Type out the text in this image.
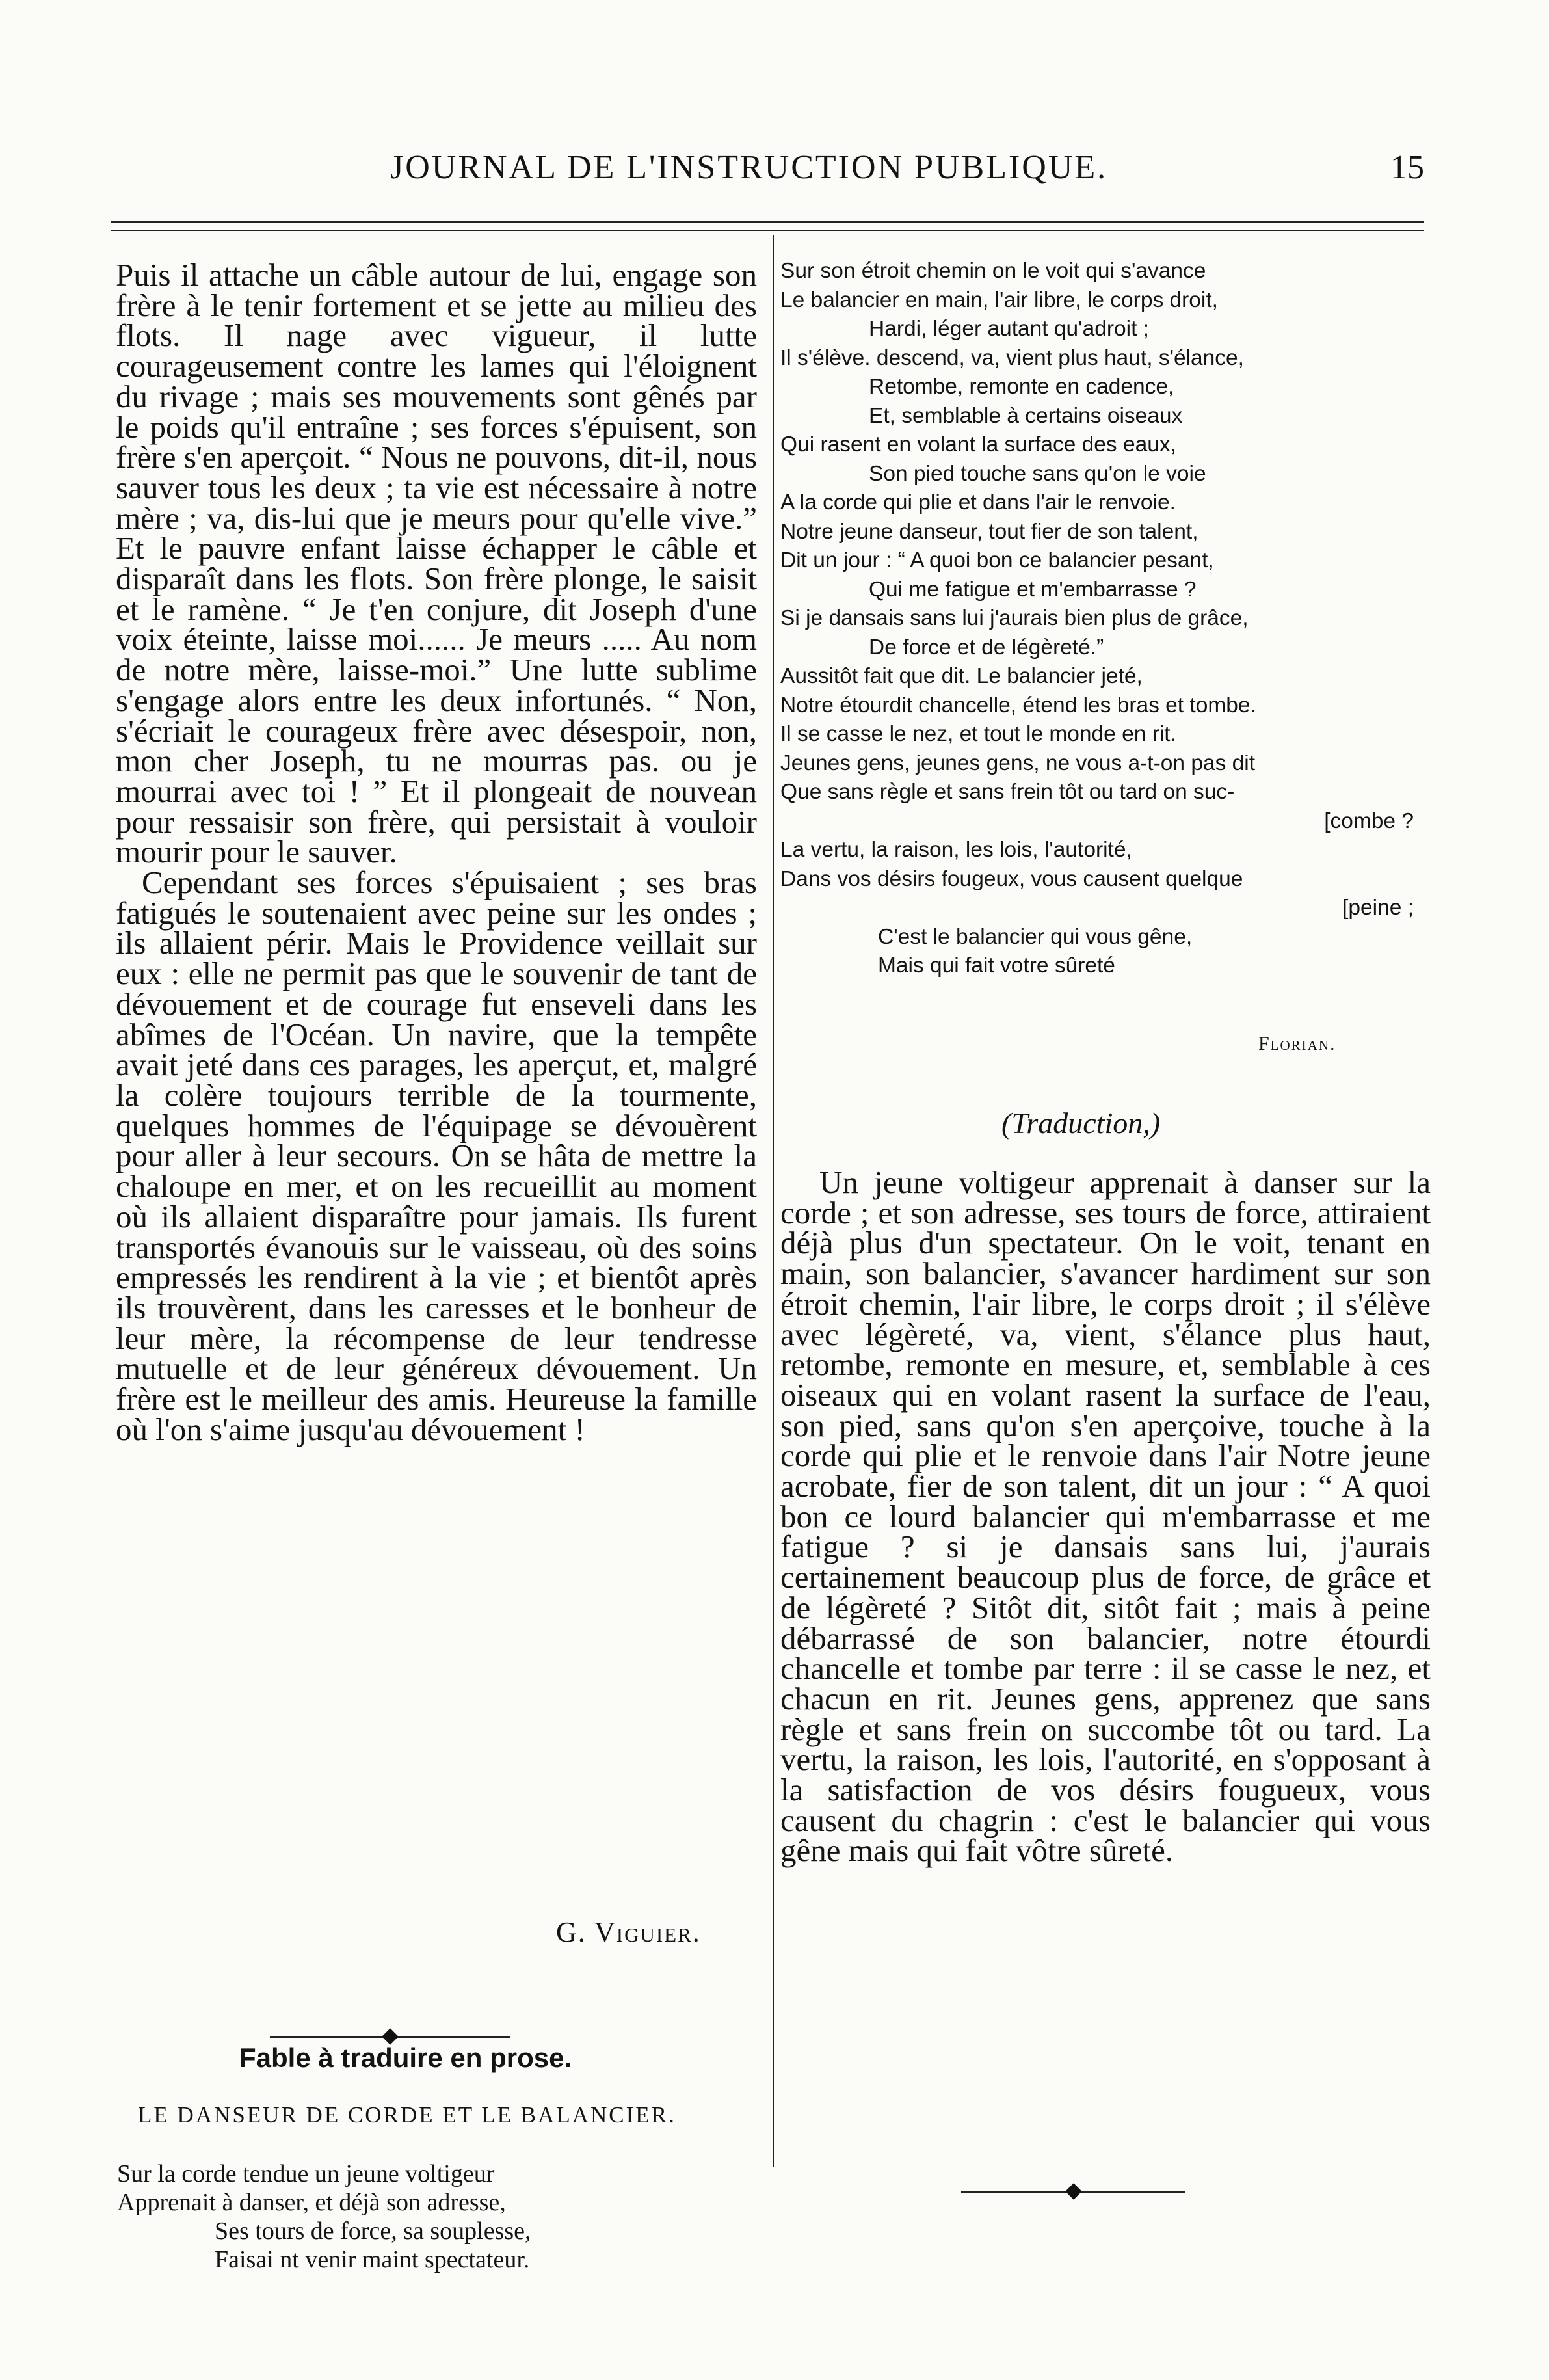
JOURNAL DE L'INSTRUCTION PUBLIQUE.	15

Puis il attache un câble autour de lui, engage son frère à le tenir fortement et se jette au milieu des flots. Il nage avec vigueur, il lutte courageusement contre les lames qui l'éloignent du rivage ; mais ses mouvements sont gênés par le poids qu'il entraîne ; ses forces s'épuisent, son frère s'en aperçoit. “ Nous ne pouvons, dit-il, nous sauver tous les deux ; ta vie est nécessaire à notre mère ; va, dis-lui que je meurs pour qu'elle vive.” Et le pauvre enfant laisse échapper le câble et disparaît dans les flots. Son frère plonge, le saisit et le ramène. “ Je t'en conjure, dit Joseph d'une voix éteinte, laisse moi...... Je meurs ..... Au nom de notre mère, laisse-moi.” Une lutte sublime s'engage alors entre les deux infortunés. “ Non, s'écriait le courageux frère avec désespoir, non, mon cher Joseph, tu ne mourras pas. ou je mourrai avec toi ! ” Et il plongeait de nouvean pour ressaisir son frère, qui persistait à vouloir mourir pour le sauver.

Cependant ses forces s'épuisaient ; ses bras fatigués le soutenaient avec peine sur les ondes ; ils allaient périr. Mais le Providence veillait sur eux : elle ne permit pas que le souvenir de tant de dévouement et de courage fut enseveli dans les abîmes de l'Océan. Un navire, que la tempête avait jeté dans ces parages, les aperçut, et, malgré la colère toujours terrible de la tourmente, quelques hommes de l'équipage se dévouèrent pour aller à leur secours. On se hâta de mettre la chaloupe en mer, et on les recueillit au moment où ils allaient disparaître pour jamais. Ils furent transportés évanouis sur le vaisseau, où des soins empressés les rendirent à la vie ; et bientôt après ils trouvèrent, dans les caresses et le bonheur de leur mère, la récompense de leur tendresse mutuelle et de leur généreux dévouement. Un frère est le meilleur des amis. Heureuse la famille où l'on s'aime jusqu'au dévouement !

G. Viguier.
Fable à traduire en prose.
LE DANSEUR DE CORDE ET LE BALANCIER.
Sur la corde tendue un jeune voltigeur
Apprenait à danser, et déjà son adresse,
Ses tours de force, sa souplesse,
Faisai nt venir maint spectateur.
Sur son étroit chemin on le voit qui s'avance
Le balancier en main, l'air libre, le corps droit,
Hardi, léger autant qu'adroit ;
Il s'élève. descend, va, vient plus haut, s'élance,
Retombe, remonte en cadence,
Et, semblable à certains oiseaux
Qui rasent en volant la surface des eaux,
Son pied touche sans qu'on le voie
A la corde qui plie et dans l'air le renvoie.
Notre jeune danseur, tout fier de son talent,
Dit un jour : “ A quoi bon ce balancier pesant,
Qui me fatigue et m'embarrasse ?
Si je dansais sans lui j'aurais bien plus de grâce,
De force et de légèreté.”
Aussitôt fait que dit. Le balancier jeté,
Notre étourdit chancelle, étend les bras et tombe.
Il se casse le nez, et tout le monde en rit.
Jeunes gens, jeunes gens, ne vous a-t-on pas dit
Que sans règle et sans frein tôt ou tard on suc-
[combe ?
La vertu, la raison, les lois, l'autorité,
Dans vos désirs fougeux, vous causent quelque
[peine ;
C'est le balancier qui vous gêne,
Mais qui fait votre sûreté
Florian.
(Traduction,)

Un jeune voltigeur apprenait à danser sur la corde ; et son adresse, ses tours de force, attiraient déjà plus d'un spectateur. On le voit, tenant en main, son balancier, s'avancer hardiment sur son étroit chemin, l'air libre, le corps droit ; il s'élève avec légèreté, va, vient, s'élance plus haut, retombe, remonte en mesure, et, semblable à ces oiseaux qui en volant rasent la surface de l'eau, son pied, sans qu'on s'en aperçoive, touche à la corde qui plie et le renvoie dans l'air Notre jeune acrobate, fier de son talent, dit un jour : “ A quoi bon ce lourd balancier qui m'embarrasse et me fatigue ? si je dansais sans lui, j'aurais certainement beaucoup plus de force, de grâce et de légèreté ? Sitôt dit, sitôt fait ; mais à peine débarrassé de son balancier, notre étourdi chancelle et tombe par terre : il se casse le nez, et chacun en rit. Jeunes gens, apprenez que sans règle et sans frein on succombe tôt ou tard. La vertu, la raison, les lois, l'autorité, en s'opposant à la satisfaction de vos désirs fougueux, vous causent du chagrin : c'est le balancier qui vous gêne mais qui fait vôtre sûreté.
